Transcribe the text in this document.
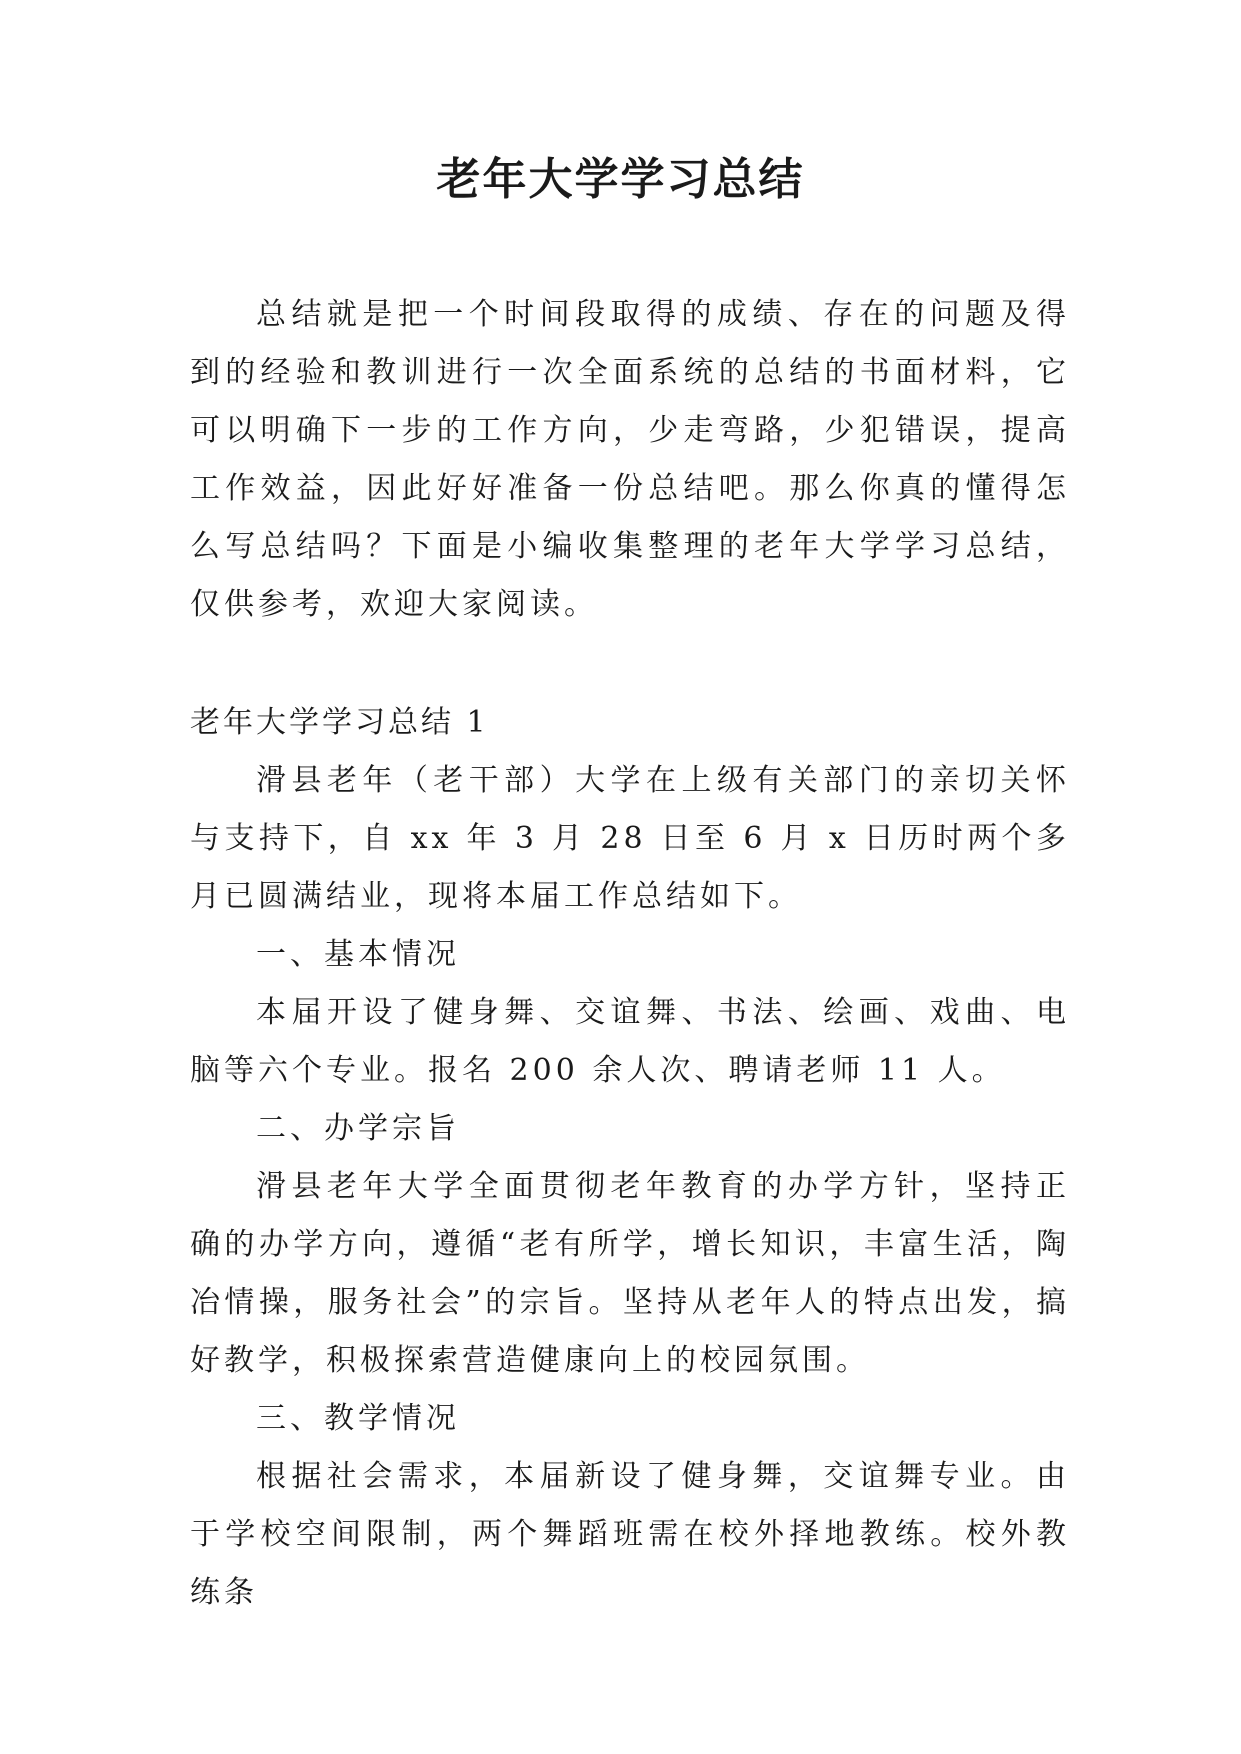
老年大学学习总结
总结就是把一个时间段取得的成绩、存在的问题及得到的经验和教训进行一次全面系统的总结的书面材料，它可以明确下一步的工作方向，少走弯路，少犯错误，提高工作效益，因此好好准备一份总结吧。那么你真的懂得怎么写总结吗？下面是小编收集整理的老年大学学习总结，仅供参考，欢迎大家阅读。
老年大学学习总结 1

滑县老年（老干部）大学在上级有关部门的亲切关怀与支持下，自 xx 年 3 月 28 日至 6 月 x 日历时两个多月已圆满结业，现将本届工作总结如下。

一、基本情况

本届开设了健身舞、交谊舞、书法、绘画、戏曲、电脑等六个专业。报名 200 余人次、聘请老师 11 人。

二、办学宗旨

滑县老年大学全面贯彻老年教育的办学方针，坚持正确的办学方向，遵循“老有所学，增长知识，丰富生活，陶冶情操，服务社会”的宗旨。坚持从老年人的特点出发，搞好教学，积极探索营造健康向上的校园氛围。

三、教学情况

根据社会需求，本届新设了健身舞，交谊舞专业。由于学校空间限制，两个舞蹈班需在校外择地教练。校外教练条
